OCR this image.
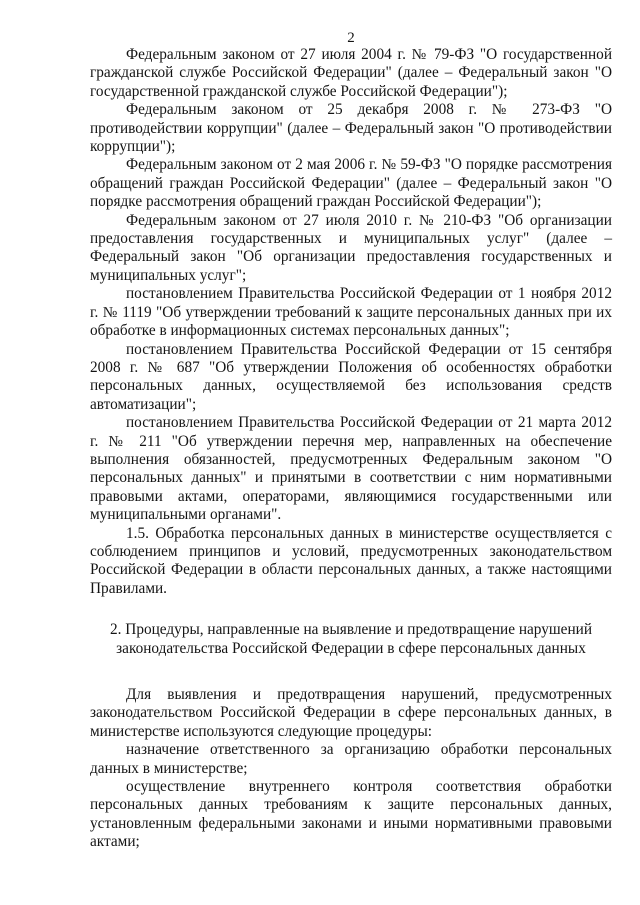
2

Федеральным законом от 27 июля 2004 г. № 79-ФЗ "О государственной гражданской службе Российской Федерации" (далее – Федеральный закон "О государственной гражданской службе Российской Федерации");

Федеральным законом от 25 декабря 2008 г. № 273-ФЗ "О противодействии коррупции" (далее – Федеральный закон "О противодействии коррупции");

Федеральным законом от 2 мая 2006 г. № 59-ФЗ "О порядке рассмотрения обращений граждан Российской Федерации" (далее – Федеральный закон "О порядке рассмотрения обращений граждан Российской Федерации");

Федеральным законом от 27 июля 2010 г. № 210-ФЗ "Об организации предоставления государственных и муниципальных услуг" (далее – Федеральный закон "Об организации предоставления государственных и муниципальных услуг";

постановлением Правительства Российской Федерации от 1 ноября 2012 г. № 1119 "Об утверждении требований к защите персональных данных при их обработке в информационных системах персональных данных";

постановлением Правительства Российской Федерации от 15 сентября 2008 г. № 687 "Об утверждении Положения об особенностях обработки персональных данных, осуществляемой без использования средств автоматизации";

постановлением Правительства Российской Федерации от 21 марта 2012 г. № 211 "Об утверждении перечня мер, направленных на обеспечение выполнения обязанностей, предусмотренных Федеральным законом "О персональных данных" и принятыми в соответствии с ним нормативными правовыми актами, операторами, являющимися государственными или муниципальными органами".

1.5. Обработка персональных данных в министерстве осуществляется с соблюдением принципов и условий, предусмотренных законодательством Российской Федерации в области персональных данных, а также настоящими Правилами.

2. Процедуры, направленные на выявление и предотвращение нарушений

законодательства Российской Федерации в сфере персональных данных

Для выявления и предотвращения нарушений, предусмотренных законодательством Российской Федерации в сфере персональных данных, в министерстве используются следующие процедуры:

назначение ответственного за организацию обработки персональных данных в министерстве;

осуществление внутреннего контроля соответствия обработки персональных данных требованиям к защите персональных данных, установленным федеральными законами и иными нормативными правовыми актами;
